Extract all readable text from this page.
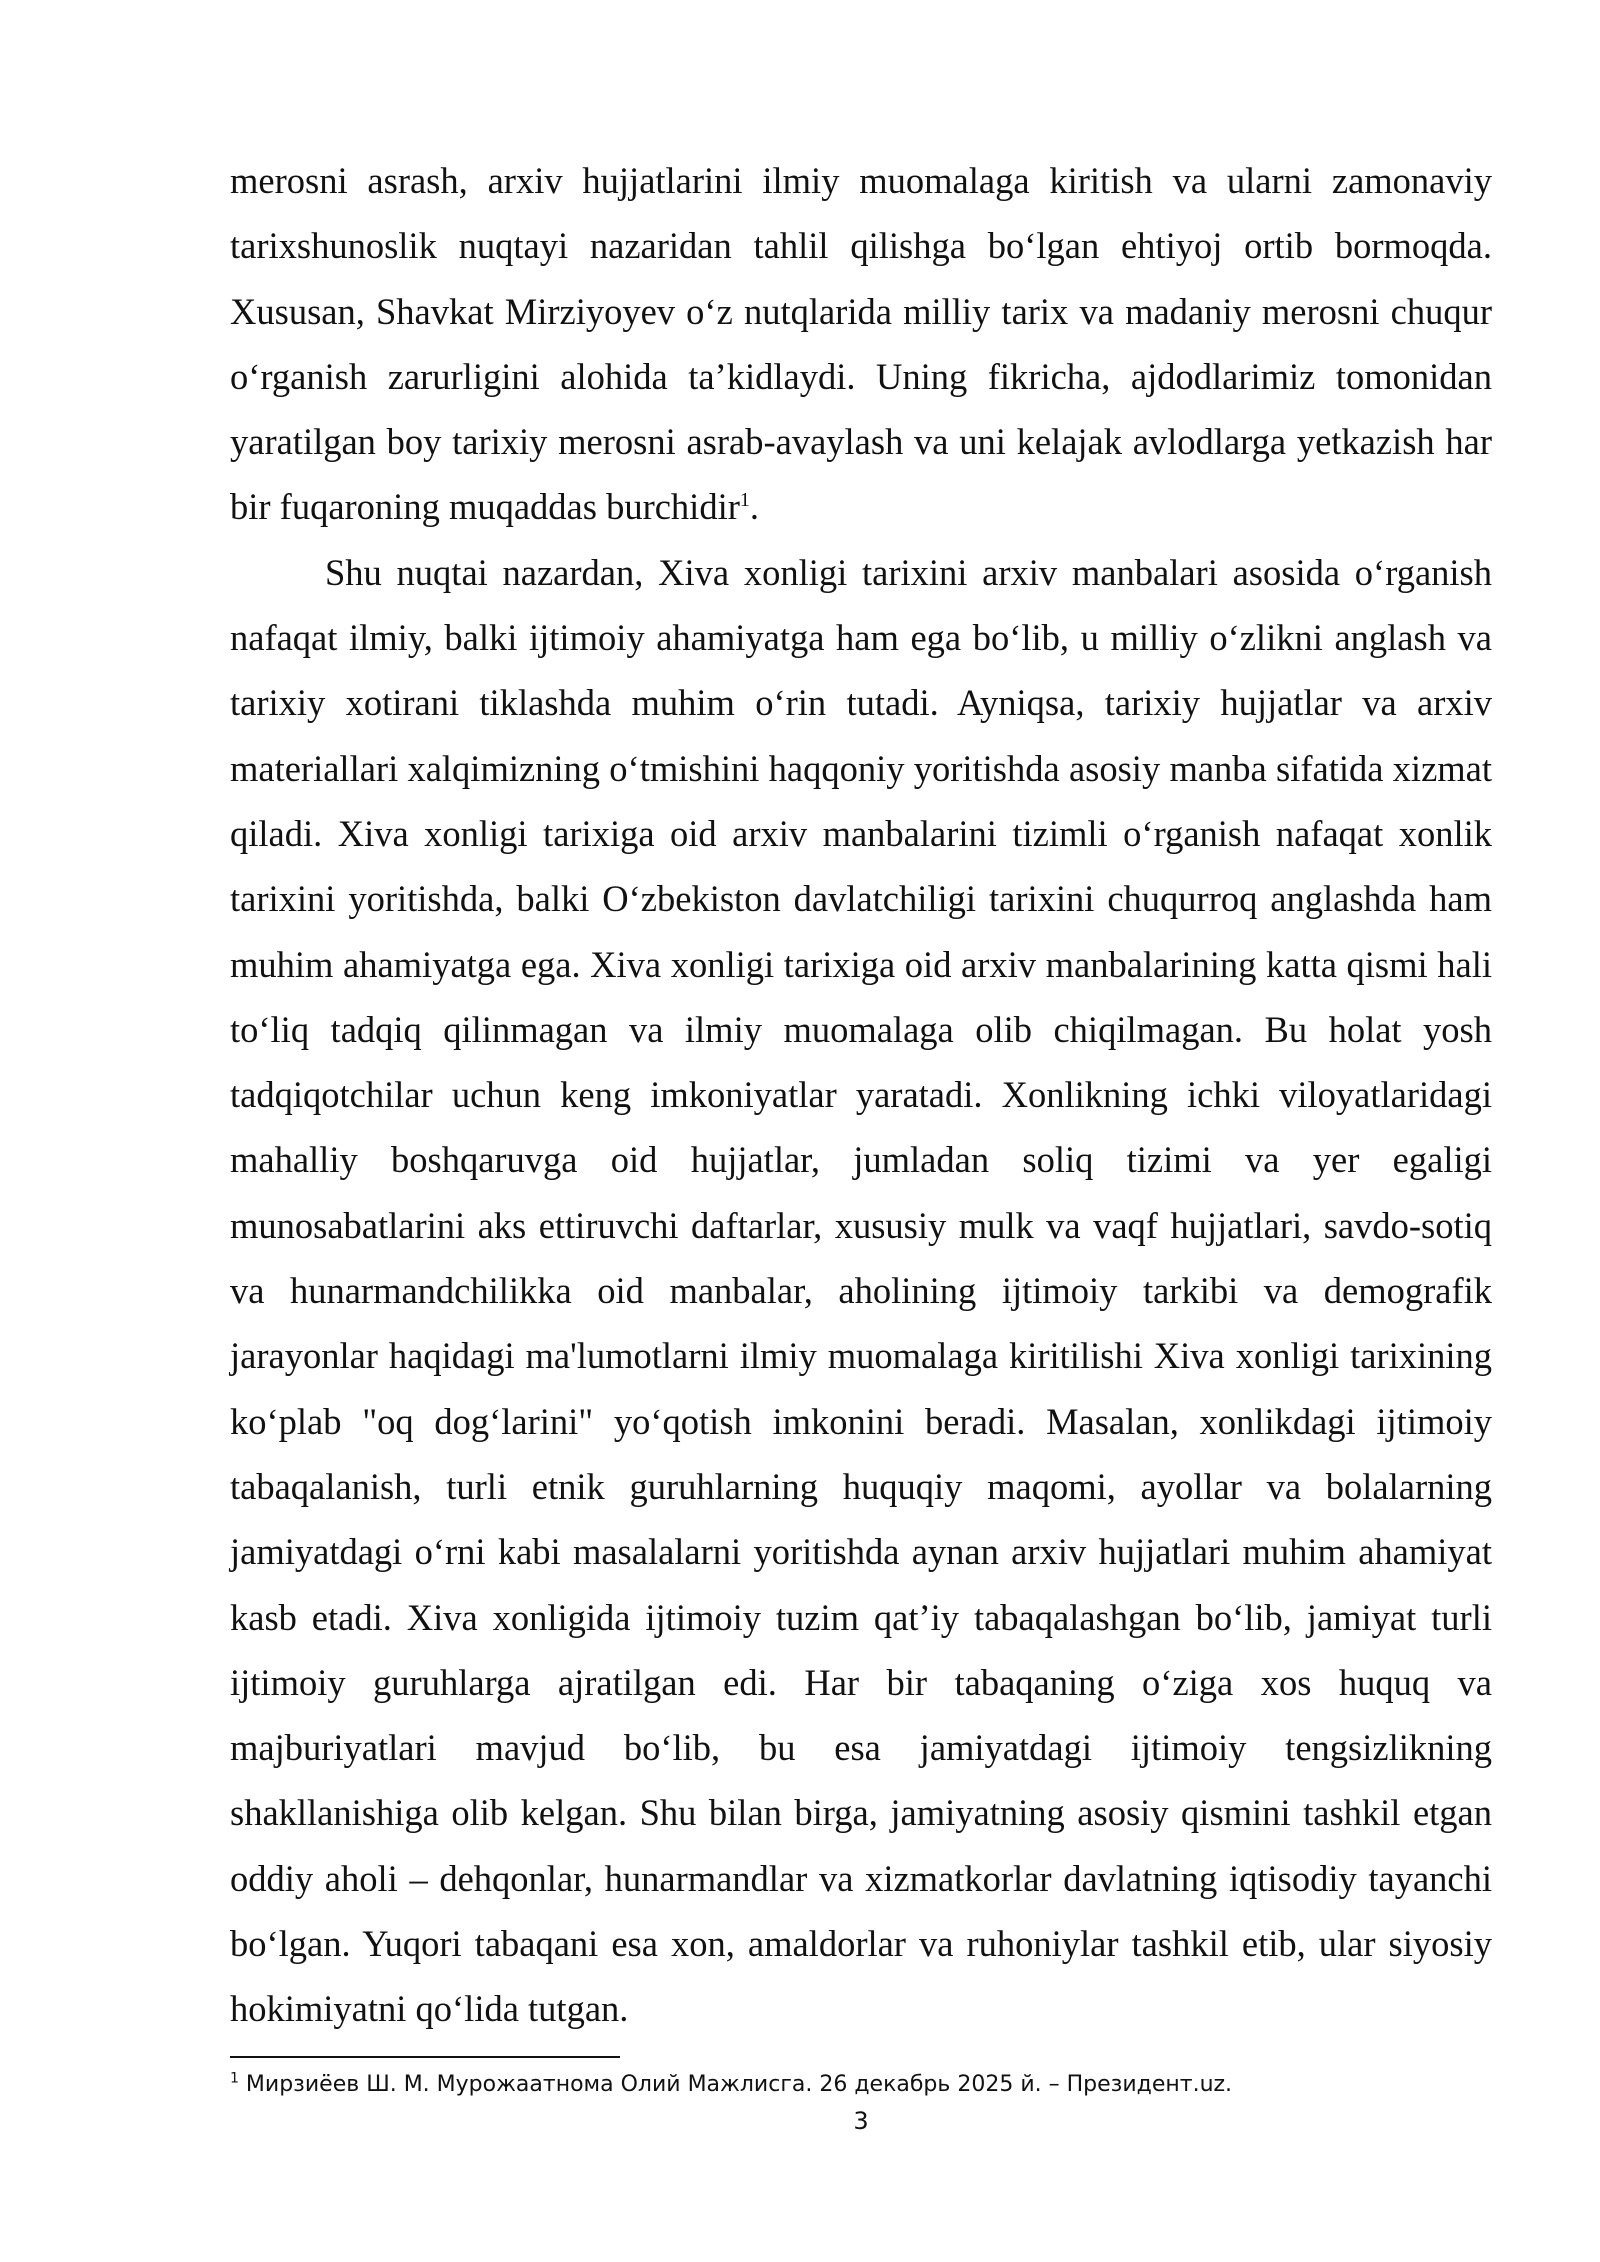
merosni asrash, arxiv hujjatlarini ilmiy muomalaga kiritish va ularni zamonaviy tarixshunoslik nuqtayi nazaridan tahlil qilishga bo‘lgan ehtiyoj ortib bormoqda. Xususan, Shavkat Mirziyoyev o‘z nutqlarida milliy tarix va madaniy merosni chuqur o‘rganish zarurligini alohida ta’kidlaydi. Uning fikricha, ajdodlarimiz tomonidan yaratilgan boy tarixiy merosni asrab-avaylash va uni kelajak avlodlarga yetkazish har bir fuqaroning muqaddas burchidir$^1$.

Shu nuqtai nazardan, Xiva xonligi tarixini arxiv manbalari asosida o‘rganish nafaqat ilmiy, balki ijtimoiy ahamiyatga ham ega bo‘lib, u milliy o‘zlikni anglash va tarixiy xotirani tiklashda muhim o‘rin tutadi. Ayniqsa, tarixiy hujjatlar va arxiv materiallari xalqimizning o‘tmishini haqqoniy yoritishda asosiy manba sifatida xizmat qiladi. Xiva xonligi tarixiga oid arxiv manbalarini tizimli o‘rganish nafaqat xonlik tarixini yoritishda, balki O‘zbekiston davlatchiligi tarixini chuqurroq anglashda ham muhim ahamiyatga ega. Xiva xonligi tarixiga oid arxiv manbalarining katta qismi hali to‘liq tadqiq qilinmagan va ilmiy muomalaga olib chiqilmagan. Bu holat yosh tadqiqotchilar uchun keng imkoniyatlar yaratadi. Xonlikning ichki viloyatlaridagi mahalliy boshqaruvga oid hujjatlar, jumladan soliq tizimi va yer egaligi munosabatlarini aks ettiruvchi daftarlar, xususiy mulk va vaqf hujjatlari, savdo-sotiq va hunarmandchilikka oid manbalar, aholining ijtimoiy tarkibi va demografik jarayonlar haqidagi ma'lumotlarni ilmiy muomalaga kiritilishi Xiva xonligi tarixining ko‘plab "oq dog‘larini" yo‘qotish imkonini beradi. Masalan, xonlikdagi ijtimoiy tabaqalanish, turli etnik guruhlarning huquqiy maqomi, ayollar va bolalarning jamiyatdagi o‘rni kabi masalalarni yoritishda aynan arxiv hujjatlari muhim ahamiyat kasb etadi. Xiva xonligida ijtimoiy tuzim qat’iy tabaqalashgan bo‘lib, jamiyat turli ijtimoiy guruhlarga ajratilgan edi. Har bir tabaqaning o‘ziga xos huquq va majburiyatlari mavjud bo‘lib, bu esa jamiyatdagi ijtimoiy tengsizlikning shakllanishiga olib kelgan. Shu bilan birga, jamiyatning asosiy qismini tashkil etgan oddiy aholi – dehqonlar, hunarmandlar va xizmatkorlar davlatning iqtisodiy tayanchi bo‘lgan. Yuqori tabaqani esa xon, amaldorlar va ruhoniylar tashkil etib, ular siyosiy hokimiyatni qo‘lida tutgan.

$^1$ Мирзиёев Ш. М. Мурожаатнома Олий Мажлисга. 26 декабрь 2025 й. – Президент.uz.
3
